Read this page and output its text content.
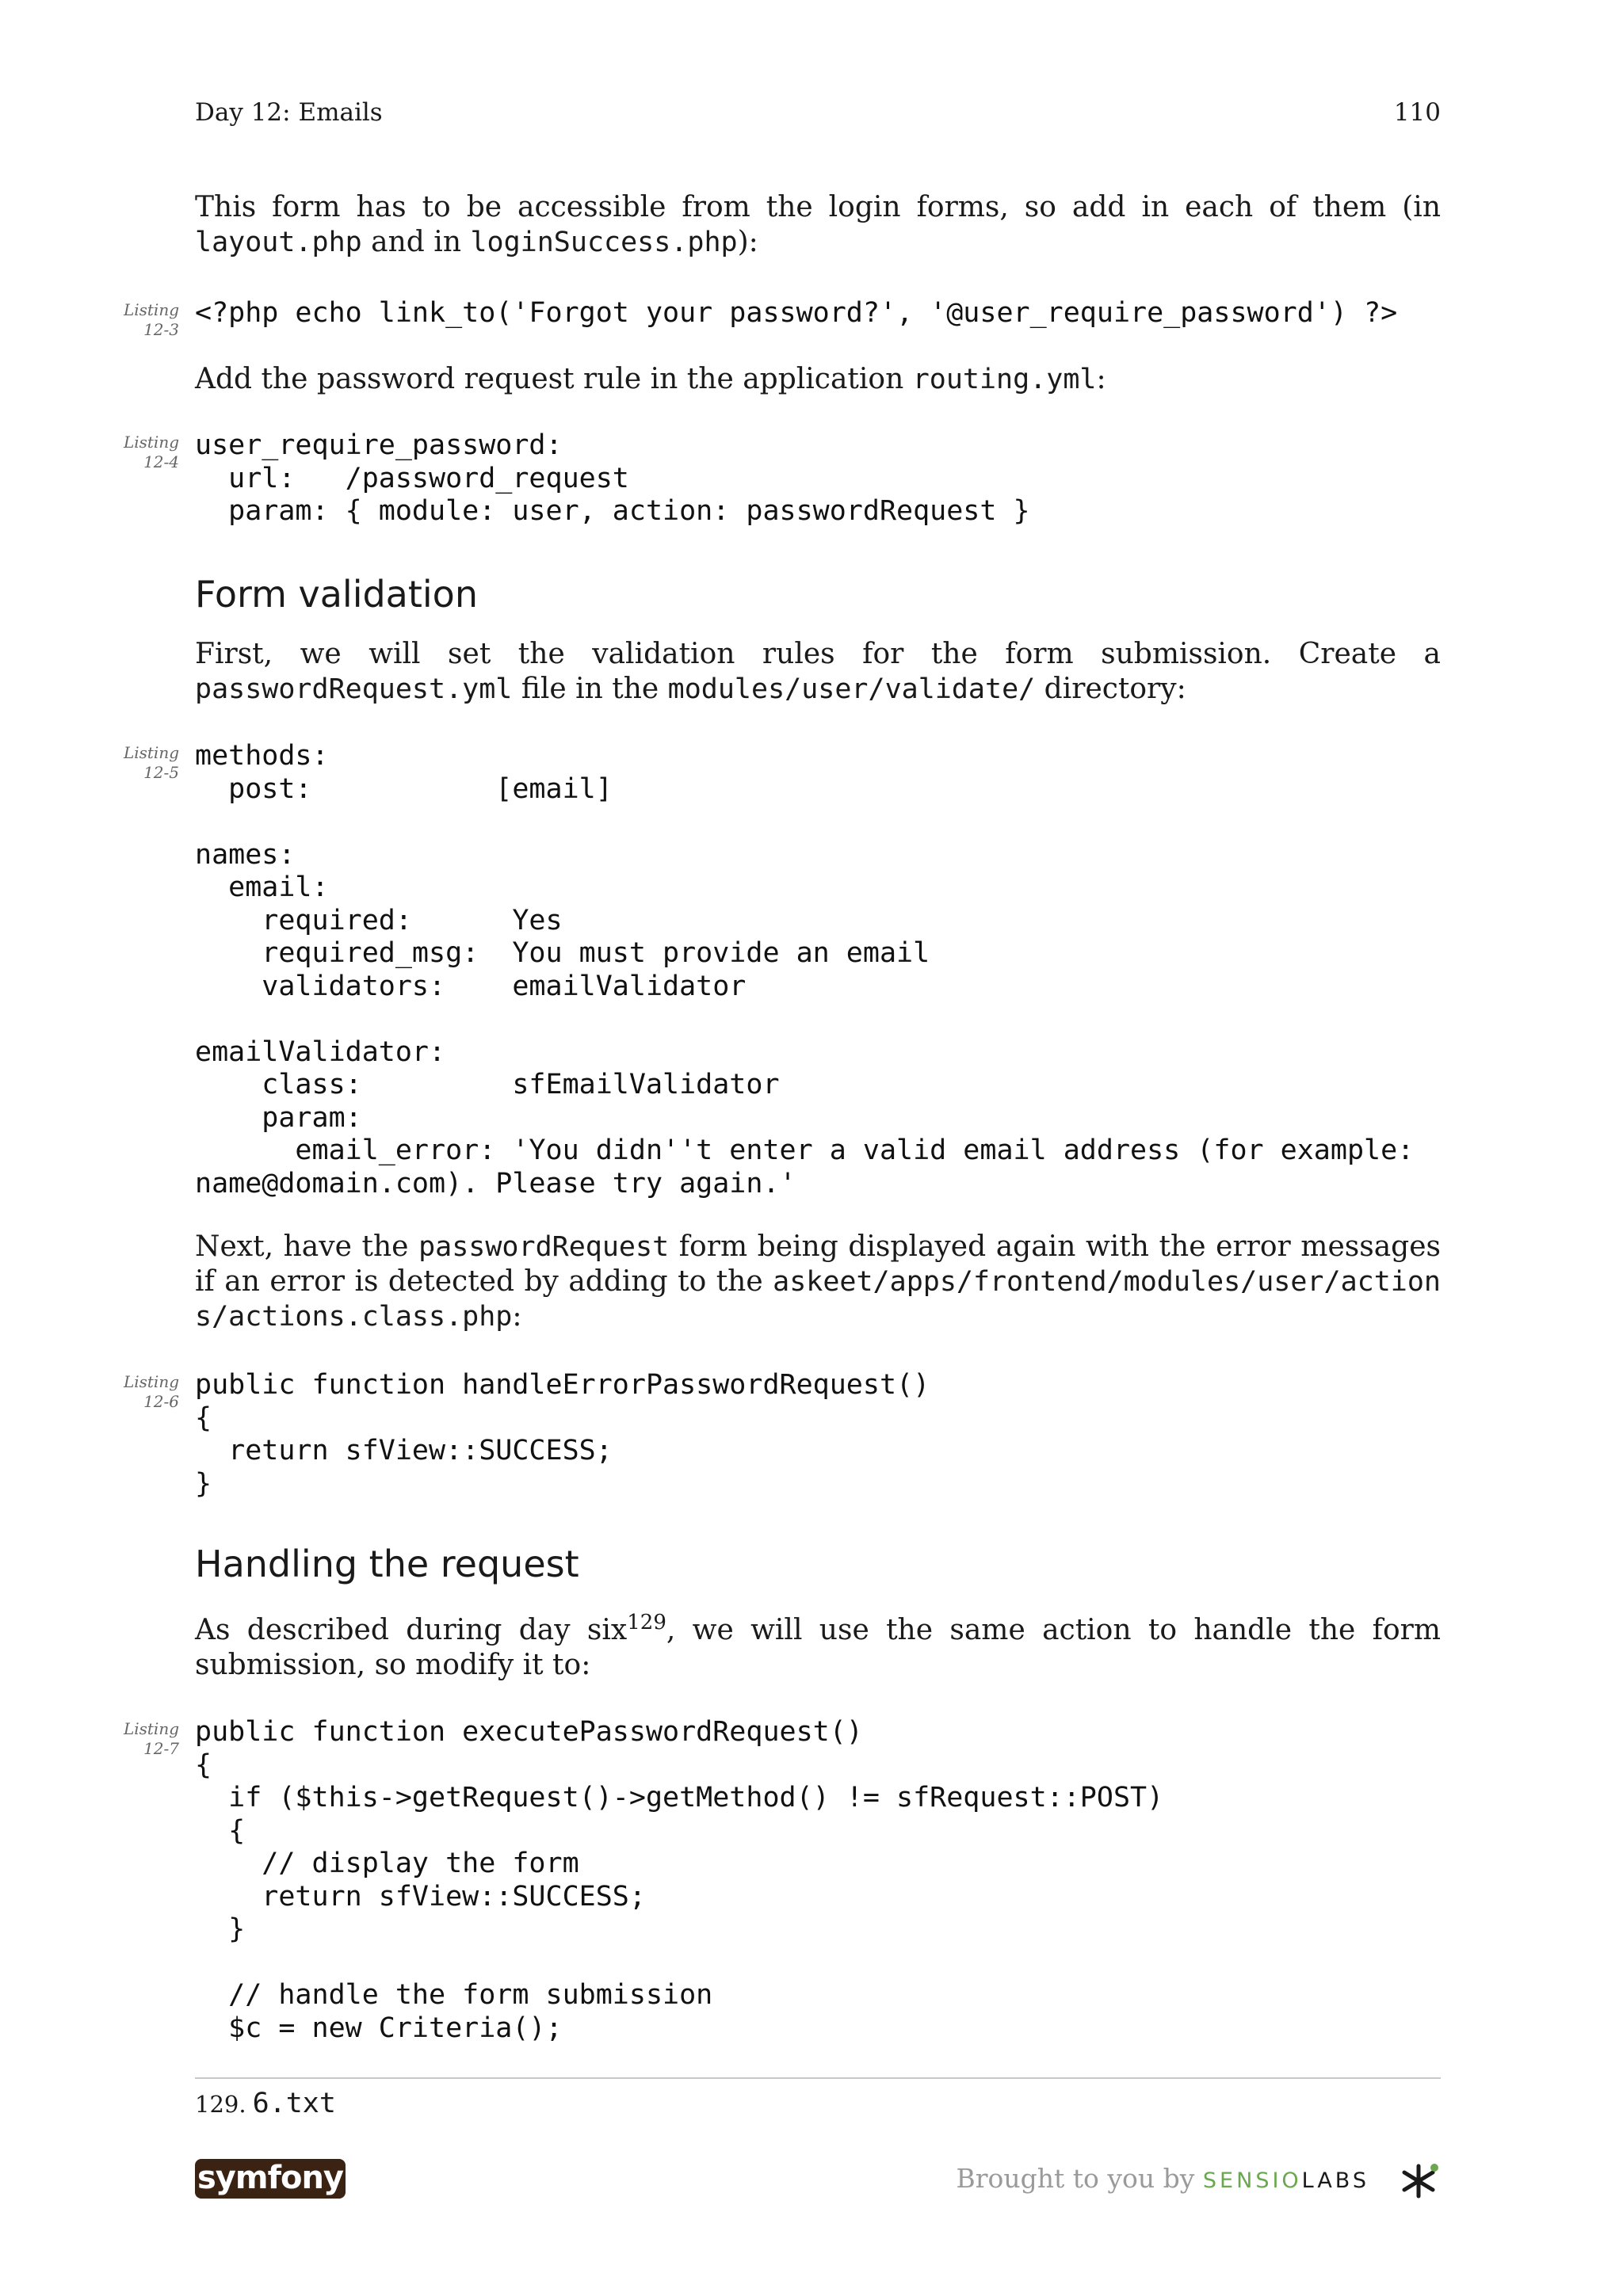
Day 12: Emails	110

This form has to be accessible from the login forms, so add in each of them (in layout.php and in loginSuccess.php):

Listing
12-3
<?php echo link_to('Forgot your password?', '@user_require_password') ?>

Add the password request rule in the application routing.yml:

Listing
12-4
user_require_password:
url:   /password_request
param: { module: user, action: passwordRequest }
Form validation

First, we will set the validation rules for the form submission. Create a passwordRequest.yml file in the modules/user/validate/ directory:

Listing
12-5
methods:
post:           [email]

names:
email:
required:      Yes
required_msg:  You must provide an email
validators:    emailValidator

emailValidator:
class:         sfEmailValidator
param:
email_error: 'You didn''t enter a valid email address (for example:
name@domain.com). Please try again.'

Next, have the passwordRequest form being displayed again with the error messages if an error is detected by adding to the askeet/apps/frontend/modules/user/actions/actions.class.php:

Listing
12-6
public function handleErrorPasswordRequest()
{
return sfView::SUCCESS;
}
Handling the request

As described during day six$^{129}$, we will use the same action to handle the form submission, so modify it to:

Listing
12-7
public function executePasswordRequest()
{
if ($this->getRequest()->getMethod() != sfRequest::POST)
{
// display the form
return sfView::SUCCESS;
}

// handle the form submission
$c = new Criteria();
129. 6.txt
symfony	Brought to you by SENSIOLABS
